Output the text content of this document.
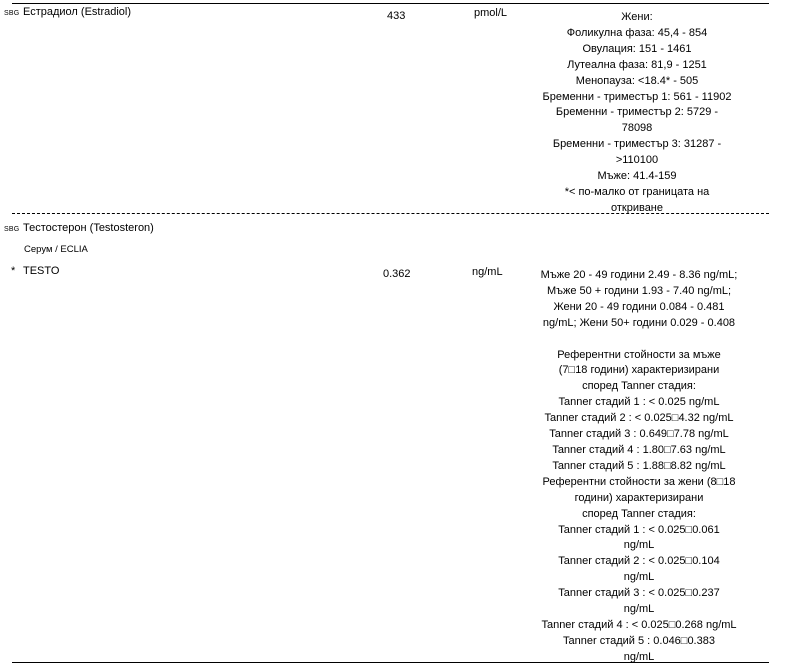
SBG Естрадиол (Estradiol)	433	pmol/L	Жени:
Фоликулна фаза: 45,4 - 854
Овулация: 151 - 1461
Лутеална фаза: 81,9 - 1251
Менопауза: <18.4* - 505
Бременни - триместър 1: 561 - 11902
Бременни - триместър 2: 5729 -
78098
Бременни - триместър 3: 31287 -
>110100
Мъже: 41.4-159
*< по-малко от границата на
откриване
SBG Тестостерон (Testosteron)
Серум / ECLIA
* TESTO	0.362	ng/mL	Мъже 20 - 49 години 2.49 - 8.36 ng/mL;
Мъже 50 + години 1.93 - 7.40 ng/mL;
Жени 20 - 49 години 0.084 - 0.481
ng/mL; Жени 50+ години 0.029 - 0.408

Референтни стойности за мъже
(7□18 години) характеризирани
според Tanner стадия:
Tanner стадий 1 : < 0.025 ng/mL
Tanner стадий 2 : < 0.025□4.32 ng/mL
Tanner стадий 3 : 0.649□7.78 ng/mL
Tanner стадий 4 : 1.80□7.63 ng/mL
Tanner стадий 5 : 1.88□8.82 ng/mL
Референтни стойности за жени (8□18
години) характеризирани
според Tanner стадия:
Tanner стадий 1 : < 0.025□0.061
ng/mL
Tanner стадий 2 : < 0.025□0.104
ng/mL
Tanner стадий 3 : < 0.025□0.237
ng/mL
Tanner стадий 4 : < 0.025□0.268 ng/mL
Tanner стадий 5 : 0.046□0.383
ng/mL
